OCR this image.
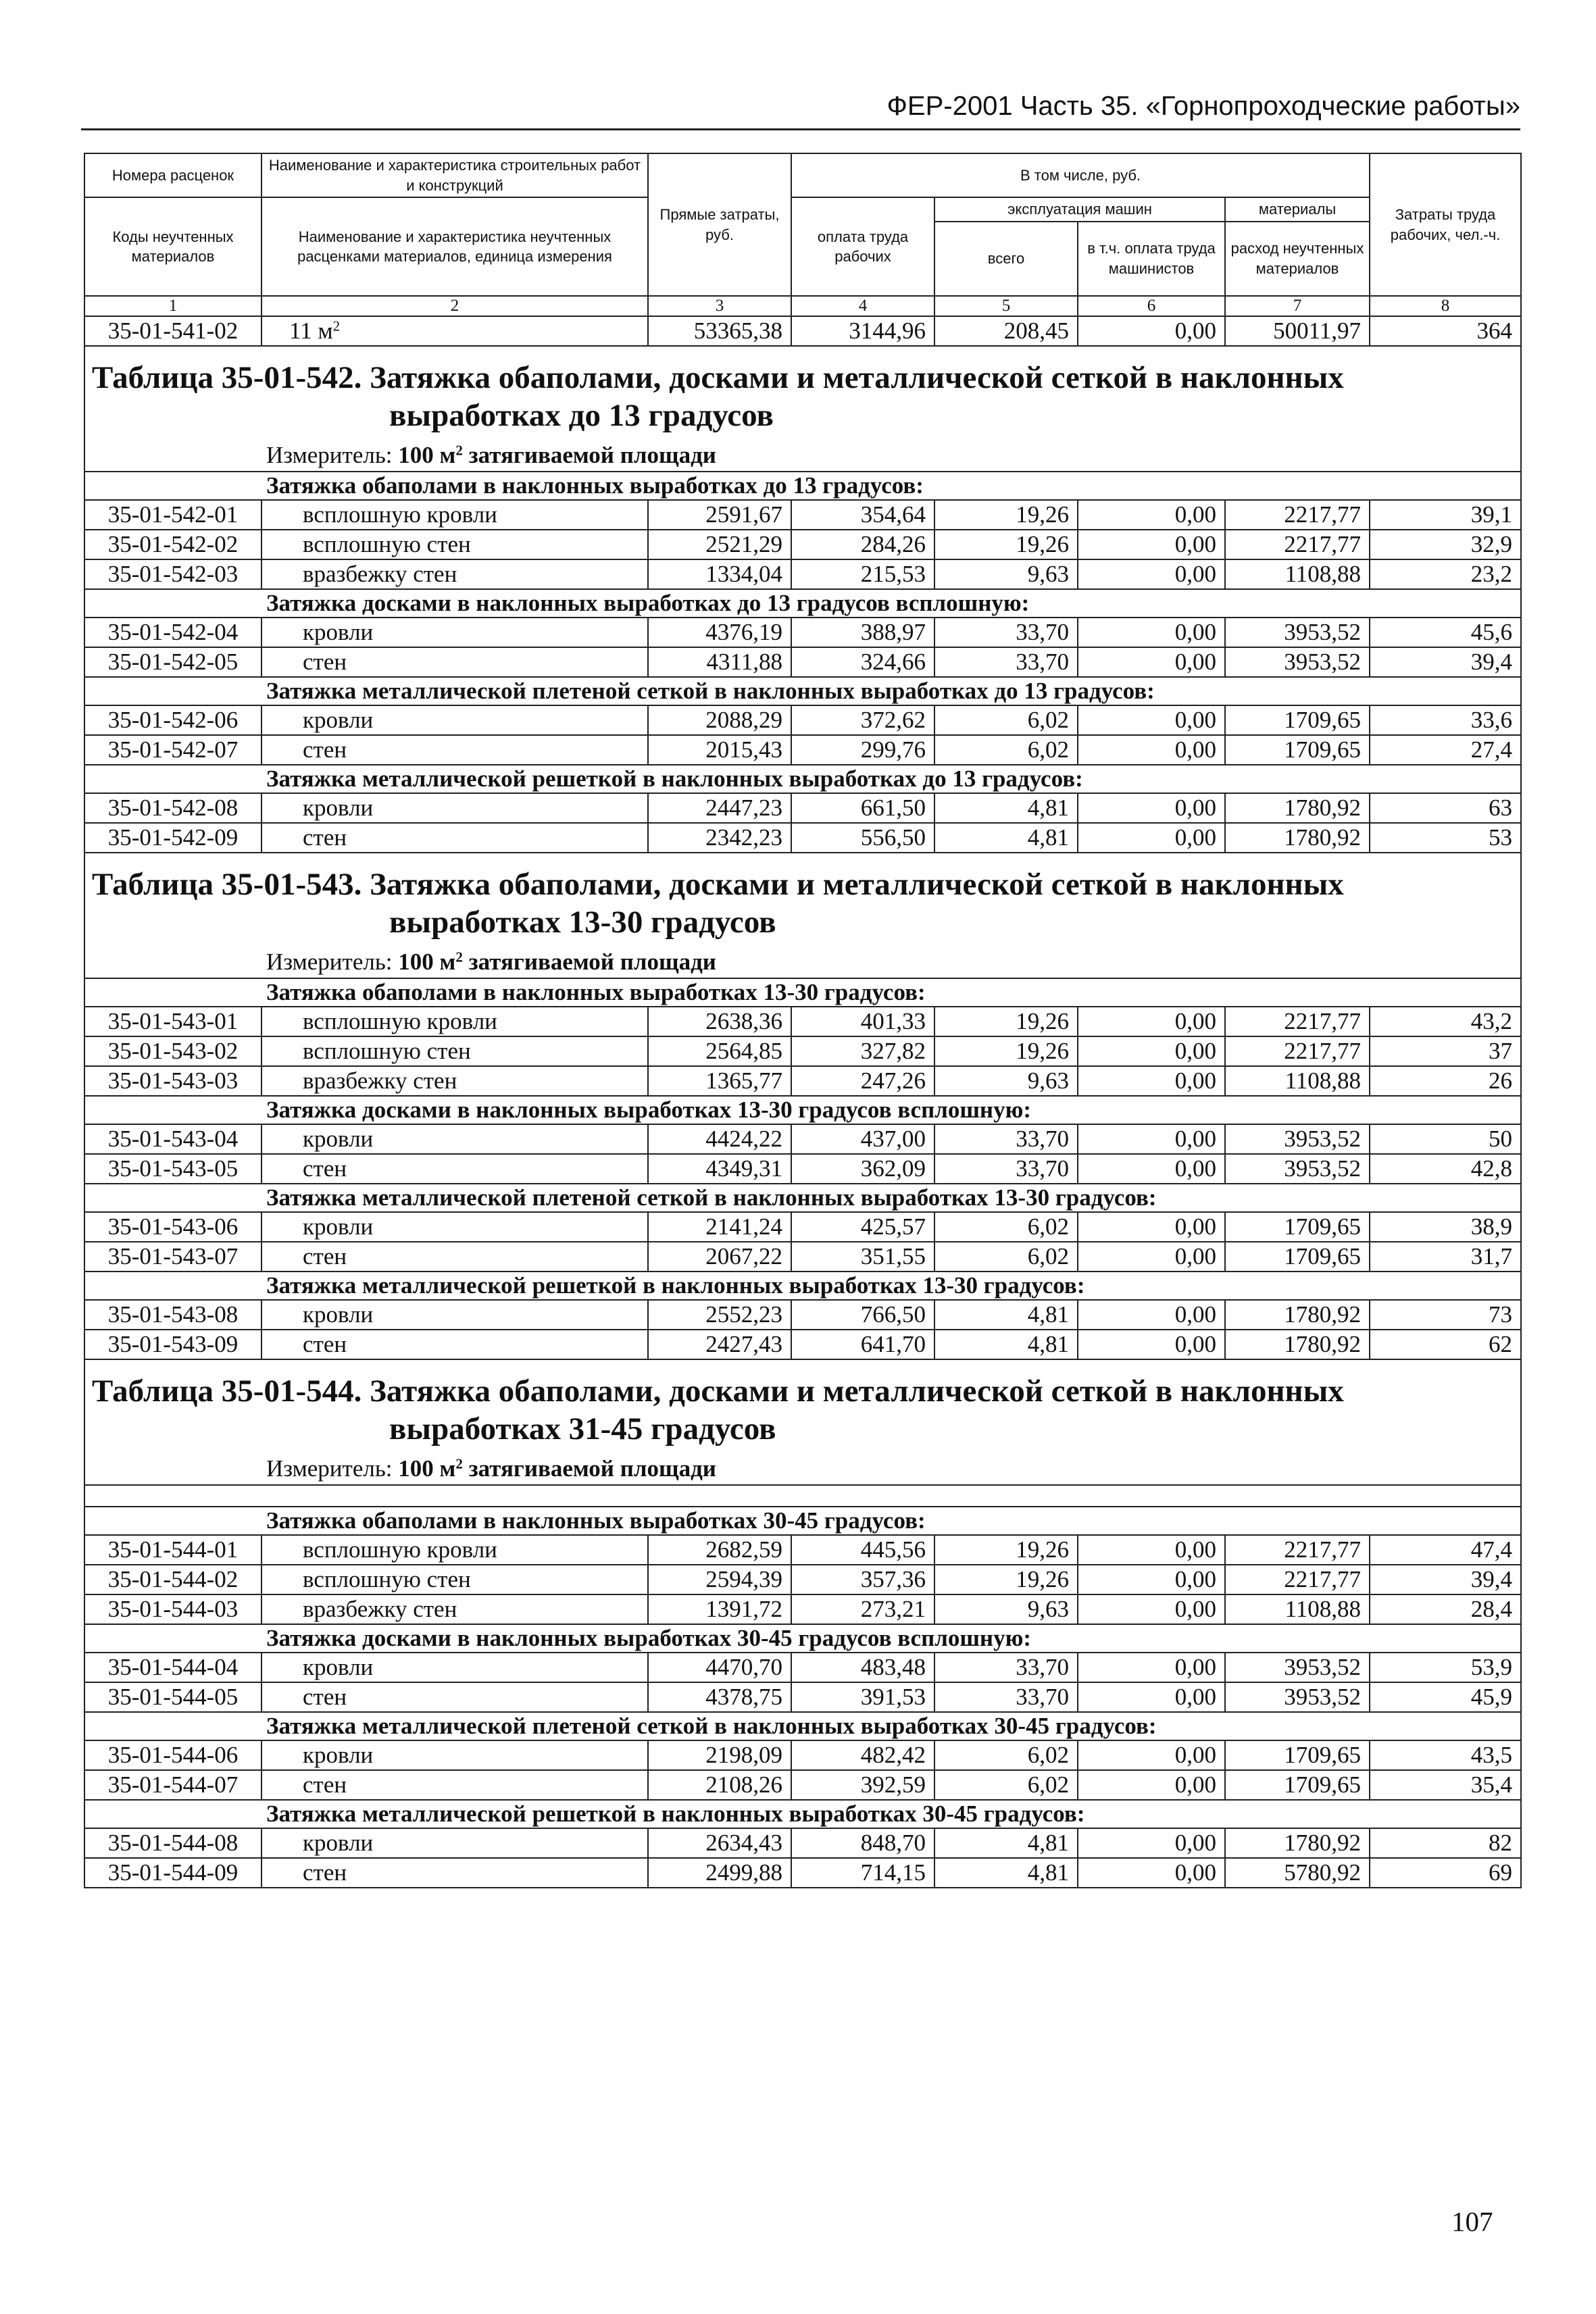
ФЕР-2001 Часть 35. «Горнопроходческие работы»
Номера расценок	Наименование и характеристика строительных работ и конструкций	Прямые затраты, руб.	В том числе, руб.				Затраты труда рабочих, чел.-ч.
Коды неучтенных материалов	Наименование и характеристика неучтенных расценками материалов, единица измерения		оплата труда рабочих	эксплуатация машин		материалы	
				всего	в т.ч. оплата труда машинистов	расход неучтенных материалов	
1	2	3	4	5	6	7	8
35-01-541-02	11 $м^2$	53365,38	3144,96	208,45	0,00	50011,97	364

Таблица 35-01-542. Затяжка обаполами, досками и металлической сеткой в наклонных
выработках до 13 градусов							

Измеритель: 100 $м^2$ затягиваемой площади							
Затяжка обаполами в наклонных выработках до 13 градусов:							
35-01-542-01	всплошную кровли	2591,67	354,64	19,26	0,00	2217,77	39,1
35-01-542-02	всплошную стен	2521,29	284,26	19,26	0,00	2217,77	32,9
35-01-542-03	вразбежку стен	1334,04	215,53	9,63	0,00	1108,88	23,2
Затяжка досками в наклонных выработках до 13 градусов всплошную:							
35-01-542-04	кровли	4376,19	388,97	33,70	0,00	3953,52	45,6
35-01-542-05	стен	4311,88	324,66	33,70	0,00	3953,52	39,4
Затяжка металлической плетеной сеткой в наклонных выработках до 13 градусов:							
35-01-542-06	кровли	2088,29	372,62	6,02	0,00	1709,65	33,6
35-01-542-07	стен	2015,43	299,76	6,02	0,00	1709,65	27,4
Затяжка металлической решеткой в наклонных выработках до 13 градусов:							
35-01-542-08	кровли	2447,23	661,50	4,81	0,00	1780,92	63
35-01-542-09	стен	2342,23	556,50	4,81	0,00	1780,92	53

Таблица 35-01-543. Затяжка обаполами, досками и металлической сеткой в наклонных
выработках 13-30 градусов							

Измеритель: 100 $м^2$ затягиваемой площади							
Затяжка обаполами в наклонных выработках 13-30 градусов:							
35-01-543-01	всплошную кровли	2638,36	401,33	19,26	0,00	2217,77	43,2
35-01-543-02	всплошную стен	2564,85	327,82	19,26	0,00	2217,77	37
35-01-543-03	вразбежку стен	1365,77	247,26	9,63	0,00	1108,88	26
Затяжка досками в наклонных выработках 13-30 градусов всплошную:							
35-01-543-04	кровли	4424,22	437,00	33,70	0,00	3953,52	50
35-01-543-05	стен	4349,31	362,09	33,70	0,00	3953,52	42,8
Затяжка металлической плетеной сеткой в наклонных выработках 13-30 градусов:							
35-01-543-06	кровли	2141,24	425,57	6,02	0,00	1709,65	38,9
35-01-543-07	стен	2067,22	351,55	6,02	0,00	1709,65	31,7
Затяжка металлической решеткой в наклонных выработках 13-30 градусов:							
35-01-543-08	кровли	2552,23	766,50	4,81	0,00	1780,92	73
35-01-543-09	стен	2427,43	641,70	4,81	0,00	1780,92	62

Таблица 35-01-544. Затяжка обаполами, досками и металлической сеткой в наклонных
выработках 31-45 градусов							

Измеритель: 100 $м^2$ затягиваемой площади							

Затяжка обаполами в наклонных выработках 30-45 градусов:							
35-01-544-01	всплошную кровли	2682,59	445,56	19,26	0,00	2217,77	47,4
35-01-544-02	всплошную стен	2594,39	357,36	19,26	0,00	2217,77	39,4
35-01-544-03	вразбежку стен	1391,72	273,21	9,63	0,00	1108,88	28,4
Затяжка досками в наклонных выработках 30-45 градусов всплошную:							
35-01-544-04	кровли	4470,70	483,48	33,70	0,00	3953,52	53,9
35-01-544-05	стен	4378,75	391,53	33,70	0,00	3953,52	45,9
Затяжка металлической плетеной сеткой в наклонных выработках 30-45 градусов:							
35-01-544-06	кровли	2198,09	482,42	6,02	0,00	1709,65	43,5
35-01-544-07	стен	2108,26	392,59	6,02	0,00	1709,65	35,4
Затяжка металлической решеткой в наклонных выработках 30-45 градусов:							
35-01-544-08	кровли	2634,43	848,70	4,81	0,00	1780,92	82
35-01-544-09	стен	2499,88	714,15	4,81	0,00	5780,92	69
107
